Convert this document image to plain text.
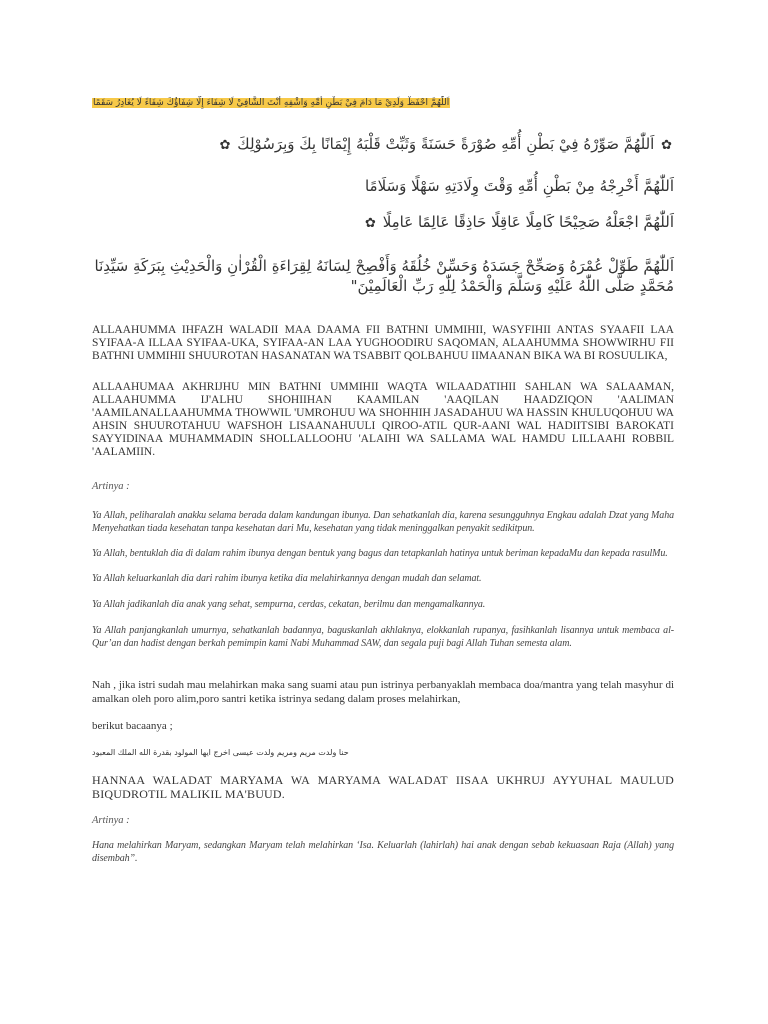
اَللّٰهُمَّ احْفَظْ وَلَدِيْ مَا دَامَ فِيْ بَطْنِ أُمِّهِ وَاشْفِهِ أَنْتَ الشَّافِيْ لَا شِفَاءَ إِلَّا شِفَاؤُكَ شِفَاءً لَا يُغَادِرُ سَقَمًا
✿ اَللّٰهُمَّ صَوِّرْهُ فِيْ بَطْنِ أُمِّهِ صُوْرَةً حَسَنَةً وَثَبِّتْ قَلْبَهُ إِيْمَانًا بِكَ وَبِرَسُوْلِكَ ✿
اَللّٰهُمَّ أَخْرِجْهُ مِنْ بَطْنِ أُمِّهِ وَقْتَ وِلَادَتِهِ سَهْلًا وَسَلَامًا
اَللّٰهُمَّ اجْعَلْهُ صَحِيْحًا كَامِلًا عَاقِلًا حَاذِقًا عَالِمًا عَامِلًا ✿
اَللّٰهُمَّ طَوِّلْ عُمْرَهُ وَصَحِّحْ جَسَدَهُ وَحَسِّنْ خُلُقَهُ وَأَفْصِحْ لِسَانَهُ لِقِرَاءَةِ الْقُرْاٰنِ وَالْحَدِيْثِ بِبَرَكَةِ سَيِّدِنَا مُحَمَّدٍ صَلَّى اللّٰهُ عَلَيْهِ وَسَلَّمَ وَالْحَمْدُ لِلّٰهِ رَبِّ الْعَالَمِيْنَ"

ALLAAHUMMA IHFAZH WALADII MAA DAAMA FII BATHNI UMMIHII, WASYFIHII ANTAS SYAAFII LAA SYIFAA-A ILLAA SYIFAA-UKA, SYIFAA-AN LAA YUGHOODIRU SAQOMAN, ALAAHUMMA SHOWWIRHU FII BATHNI UMMIHII SHUUROTAN HASANATAN WA TSABBIT QOLBAHUU IIMAANAN BIKA WA BI ROSUULIKA,

ALLAAHUMAA AKHRIJHU MIN BATHNI UMMIHII WAQTA WILAADATIHII SAHLAN WA SALAAMAN, ALLAAHUMMA IJ'ALHU SHOHIIHAN KAAMILAN 'AAQILAN HAADZIQON 'AALIMAN 'AAMILANALLAAHUMMA THOWWIL 'UMROHUU WA SHOHHIH JASADAHUU WA HASSIN KHULUQOHUU WA AHSIN SHUUROTAHUU WAFSHOH LISAANAHUULI QIROO-ATIL QUR-AANI WAL HADIITSIBI BAROKATI SAYYIDINAA MUHAMMADIN SHOLLALLOOHU 'ALAIHI WA SALLAMA WAL HAMDU LILLAAHI ROBBIL 'AALAMIIN.

Artinya :

Ya Allah, peliharalah anakku selama berada dalam kandungan ibunya. Dan sehatkanlah dia, karena sesungguhnya Engkau adalah Dzat yang Maha Menyehatkan tiada kesehatan tanpa kesehatan dari Mu, kesehatan yang tidak meninggalkan penyakit sedikitpun.

Ya Allah, bentuklah dia di dalam rahim ibunya dengan bentuk yang bagus dan tetapkanlah hatinya untuk beriman kepadaMu dan kepada rasulMu.

Ya Allah keluarkanlah dia dari rahim ibunya ketika dia melahirkannya dengan mudah dan selamat.

Ya Allah jadikanlah dia anak yang sehat, sempurna, cerdas, cekatan, berilmu dan mengamalkannya.

Ya Allah panjangkanlah umurnya, sehatkanlah badannya, baguskanlah akhlaknya, elokkanlah rupanya, fasihkanlah lisannya untuk membaca al-Qur’an dan hadist dengan berkah pemimpin kami Nabi Muhammad SAW, dan segala puji bagi Allah Tuhan semesta alam.

Nah , jika istri sudah mau melahirkan maka sang suami atau pun istrinya perbanyaklah membaca doa/mantra yang telah masyhur di amalkan oleh poro alim,poro santri ketika istrinya sedang dalam proses melahirkan,

berikut bacaanya ;

حنا ولدت مريم ومريم ولدت عيسى اخرج ايها المولود بقدرة الله الملك المعبود

HANNAA WALADAT MARYAMA WA MARYAMA WALADAT IISAA UKHRUJ AYYUHAL MAULUD BIQUDROTIL MALIKIL MA'BUUD.

Artinya :

Hana melahirkan Maryam, sedangkan Maryam telah melahirkan ‘Isa. Keluarlah (lahirlah) hai anak dengan sebab kekuasaan Raja (Allah) yang disembah”.
